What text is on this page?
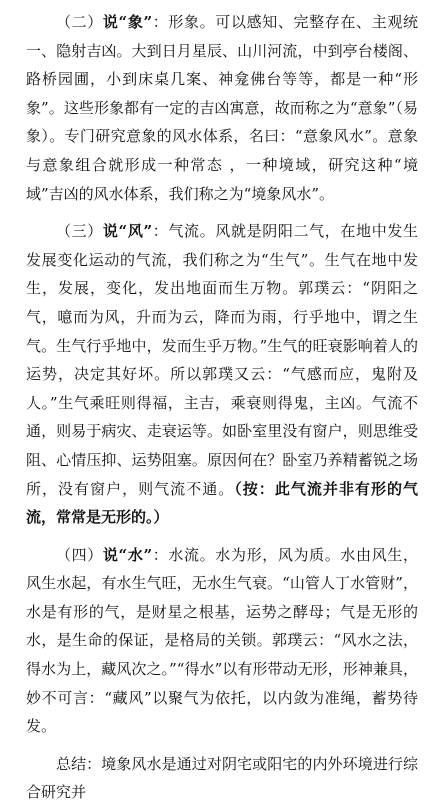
（二）说“象”：形象。可以感知、完整存在、主观统一、隐射吉凶。大到日月星辰、山川河流，中到亭台楼阁、路桥园圃，小到床桌几案、神龛佛台等等，都是一种“形象”。这些形象都有一定的吉凶寓意，故而称之为“意象”（易象）。专门研究意象的风水体系，名曰：“意象风水”。意象与意象组合就形成一种常态 ，一种境域，研究这种“境域”吉凶的风水体系，我们称之为“境象风水”。

（三）说“风”：气流。风就是阴阳二气，在地中发生发展变化运动的气流，我们称之为“生气”。生气在地中发生，发展，变化，发出地面而生万物。郭璞云：“阴阳之气，噫而为风，升而为云，降而为雨，行乎地中，谓之生气。生气行乎地中，发而生乎万物。”生气的旺衰影响着人的运势，决定其好坏。所以郭璞又云：“气感而应，鬼附及人。”生气乘旺则得福，主吉，乘衰则得鬼，主凶。气流不通，则易于病灾、走衰运等。如卧室里没有窗户，则思维受阻、心情压抑、运势阻塞。原因何在？卧室乃养精蓄锐之场所，没有窗户，则气流不通。（按：此气流并非有形的气流，常常是无形的。）

（四）说“水”：水流。水为形，风为质。水由风生，风生水起，有水生气旺，无水生气衰。“山管人丁水管财”，水是有形的气，是财星之根基，运势之酵母；气是无形的水，是生命的保证，是格局的关锁。郭璞云：“风水之法，得水为上，藏风次之。”“得水”以有形带动无形，形神兼具，妙不可言：“藏风”以聚气为依托，以内敛为准绳，蓄势待发。

总结：境象风水是通过对阴宅或阳宅的内外环境进行综合研究并
